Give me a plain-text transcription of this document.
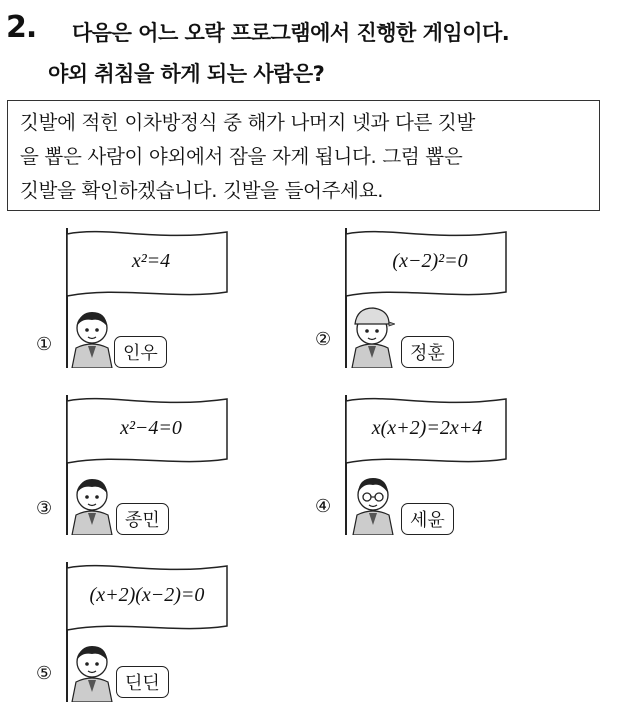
2. 다음은 어느 오락 프로그램에서 진행한 게임이다.
야외 취침을 하게 되는 사람은?
깃발에 적힌 이차방정식 중 해가 나머지 넷과 다른 깃발
을 뽑은 사람이 야외에서 잠을 자게 됩니다. 그럼 뽑은
깃발을 확인하겠습니다. 깃발을 들어주세요.
x²=4
인우
①
(x−2)²=0
정훈
②
x²−4=0
종민
③
x(x+2)=2x+4
세윤
④
(x+2)(x−2)=0
딘딘
⑤
